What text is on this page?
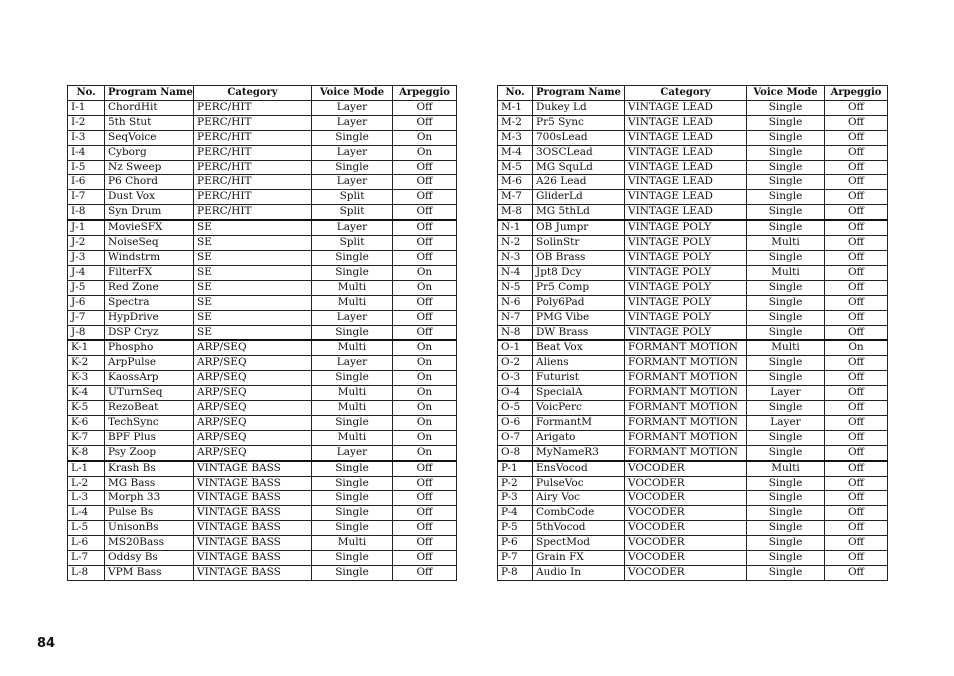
No.	Program Name	Category	Voice Mode	Arpeggio
I-1	ChordHit	PERC/HIT	Layer	Off
I-2	5th Stut	PERC/HIT	Layer	Off
I-3	SeqVoice	PERC/HIT	Single	On
I-4	Cyborg	PERC/HIT	Layer	On
I-5	Nz Sweep	PERC/HIT	Single	Off
I-6	P6 Chord	PERC/HIT	Layer	Off
I-7	Dust Vox	PERC/HIT	Split	Off
I-8	Syn Drum	PERC/HIT	Split	Off
J-1	MovieSFX	SE	Layer	Off
J-2	NoiseSeq	SE	Split	Off
J-3	Windstrm	SE	Single	Off
J-4	FilterFX	SE	Single	On
J-5	Red Zone	SE	Multi	On
J-6	Spectra	SE	Multi	Off
J-7	HypDrive	SE	Layer	Off
J-8	DSP Cryz	SE	Single	Off
K-1	Phospho	ARP/SEQ	Multi	On
K-2	ArpPulse	ARP/SEQ	Layer	On
K-3	KaossArp	ARP/SEQ	Single	On
K-4	UTurnSeq	ARP/SEQ	Multi	On
K-5	RezoBeat	ARP/SEQ	Multi	On
K-6	TechSync	ARP/SEQ	Single	On
K-7	BPF Plus	ARP/SEQ	Multi	On
K-8	Psy Zoop	ARP/SEQ	Layer	On
L-1	Krash Bs	VINTAGE BASS	Single	Off
L-2	MG Bass	VINTAGE BASS	Single	Off
L-3	Morph 33	VINTAGE BASS	Single	Off
L-4	Pulse Bs	VINTAGE BASS	Single	Off
L-5	UnisonBs	VINTAGE BASS	Single	Off
L-6	MS20Bass	VINTAGE BASS	Multi	Off
L-7	Oddsy Bs	VINTAGE BASS	Single	Off
L-8	VPM Bass	VINTAGE BASS	Single	Off
No.	Program Name	Category	Voice Mode	Arpeggio
M-1	Dukey Ld	VINTAGE LEAD	Single	Off
M-2	Pr5 Sync	VINTAGE LEAD	Single	Off
M-3	700sLead	VINTAGE LEAD	Single	Off
M-4	3OSCLead	VINTAGE LEAD	Single	Off
M-5	MG SquLd	VINTAGE LEAD	Single	Off
M-6	A26 Lead	VINTAGE LEAD	Single	Off
M-7	GliderLd	VINTAGE LEAD	Single	Off
M-8	MG 5thLd	VINTAGE LEAD	Single	Off
N-1	OB Jumpr	VINTAGE POLY	Single	Off
N-2	SolinStr	VINTAGE POLY	Multi	Off
N-3	OB Brass	VINTAGE POLY	Single	Off
N-4	Jpt8 Dcy	VINTAGE POLY	Multi	Off
N-5	Pr5 Comp	VINTAGE POLY	Single	Off
N-6	Poly6Pad	VINTAGE POLY	Single	Off
N-7	PMG Vibe	VINTAGE POLY	Single	Off
N-8	DW Brass	VINTAGE POLY	Single	Off
O-1	Beat Vox	FORMANT MOTION	Multi	On
O-2	Aliens	FORMANT MOTION	Single	Off
O-3	Futurist	FORMANT MOTION	Single	Off
O-4	SpecialA	FORMANT MOTION	Layer	Off
O-5	VoicPerc	FORMANT MOTION	Single	Off
O-6	FormantM	FORMANT MOTION	Layer	Off
O-7	Arigato	FORMANT MOTION	Single	Off
O-8	MyNameR3	FORMANT MOTION	Single	Off
P-1	EnsVocod	VOCODER	Multi	Off
P-2	PulseVoc	VOCODER	Single	Off
P-3	Airy Voc	VOCODER	Single	Off
P-4	CombCode	VOCODER	Single	Off
P-5	5thVocod	VOCODER	Single	Off
P-6	SpectMod	VOCODER	Single	Off
P-7	Grain FX	VOCODER	Single	Off
P-8	Audio In	VOCODER	Single	Off
84
